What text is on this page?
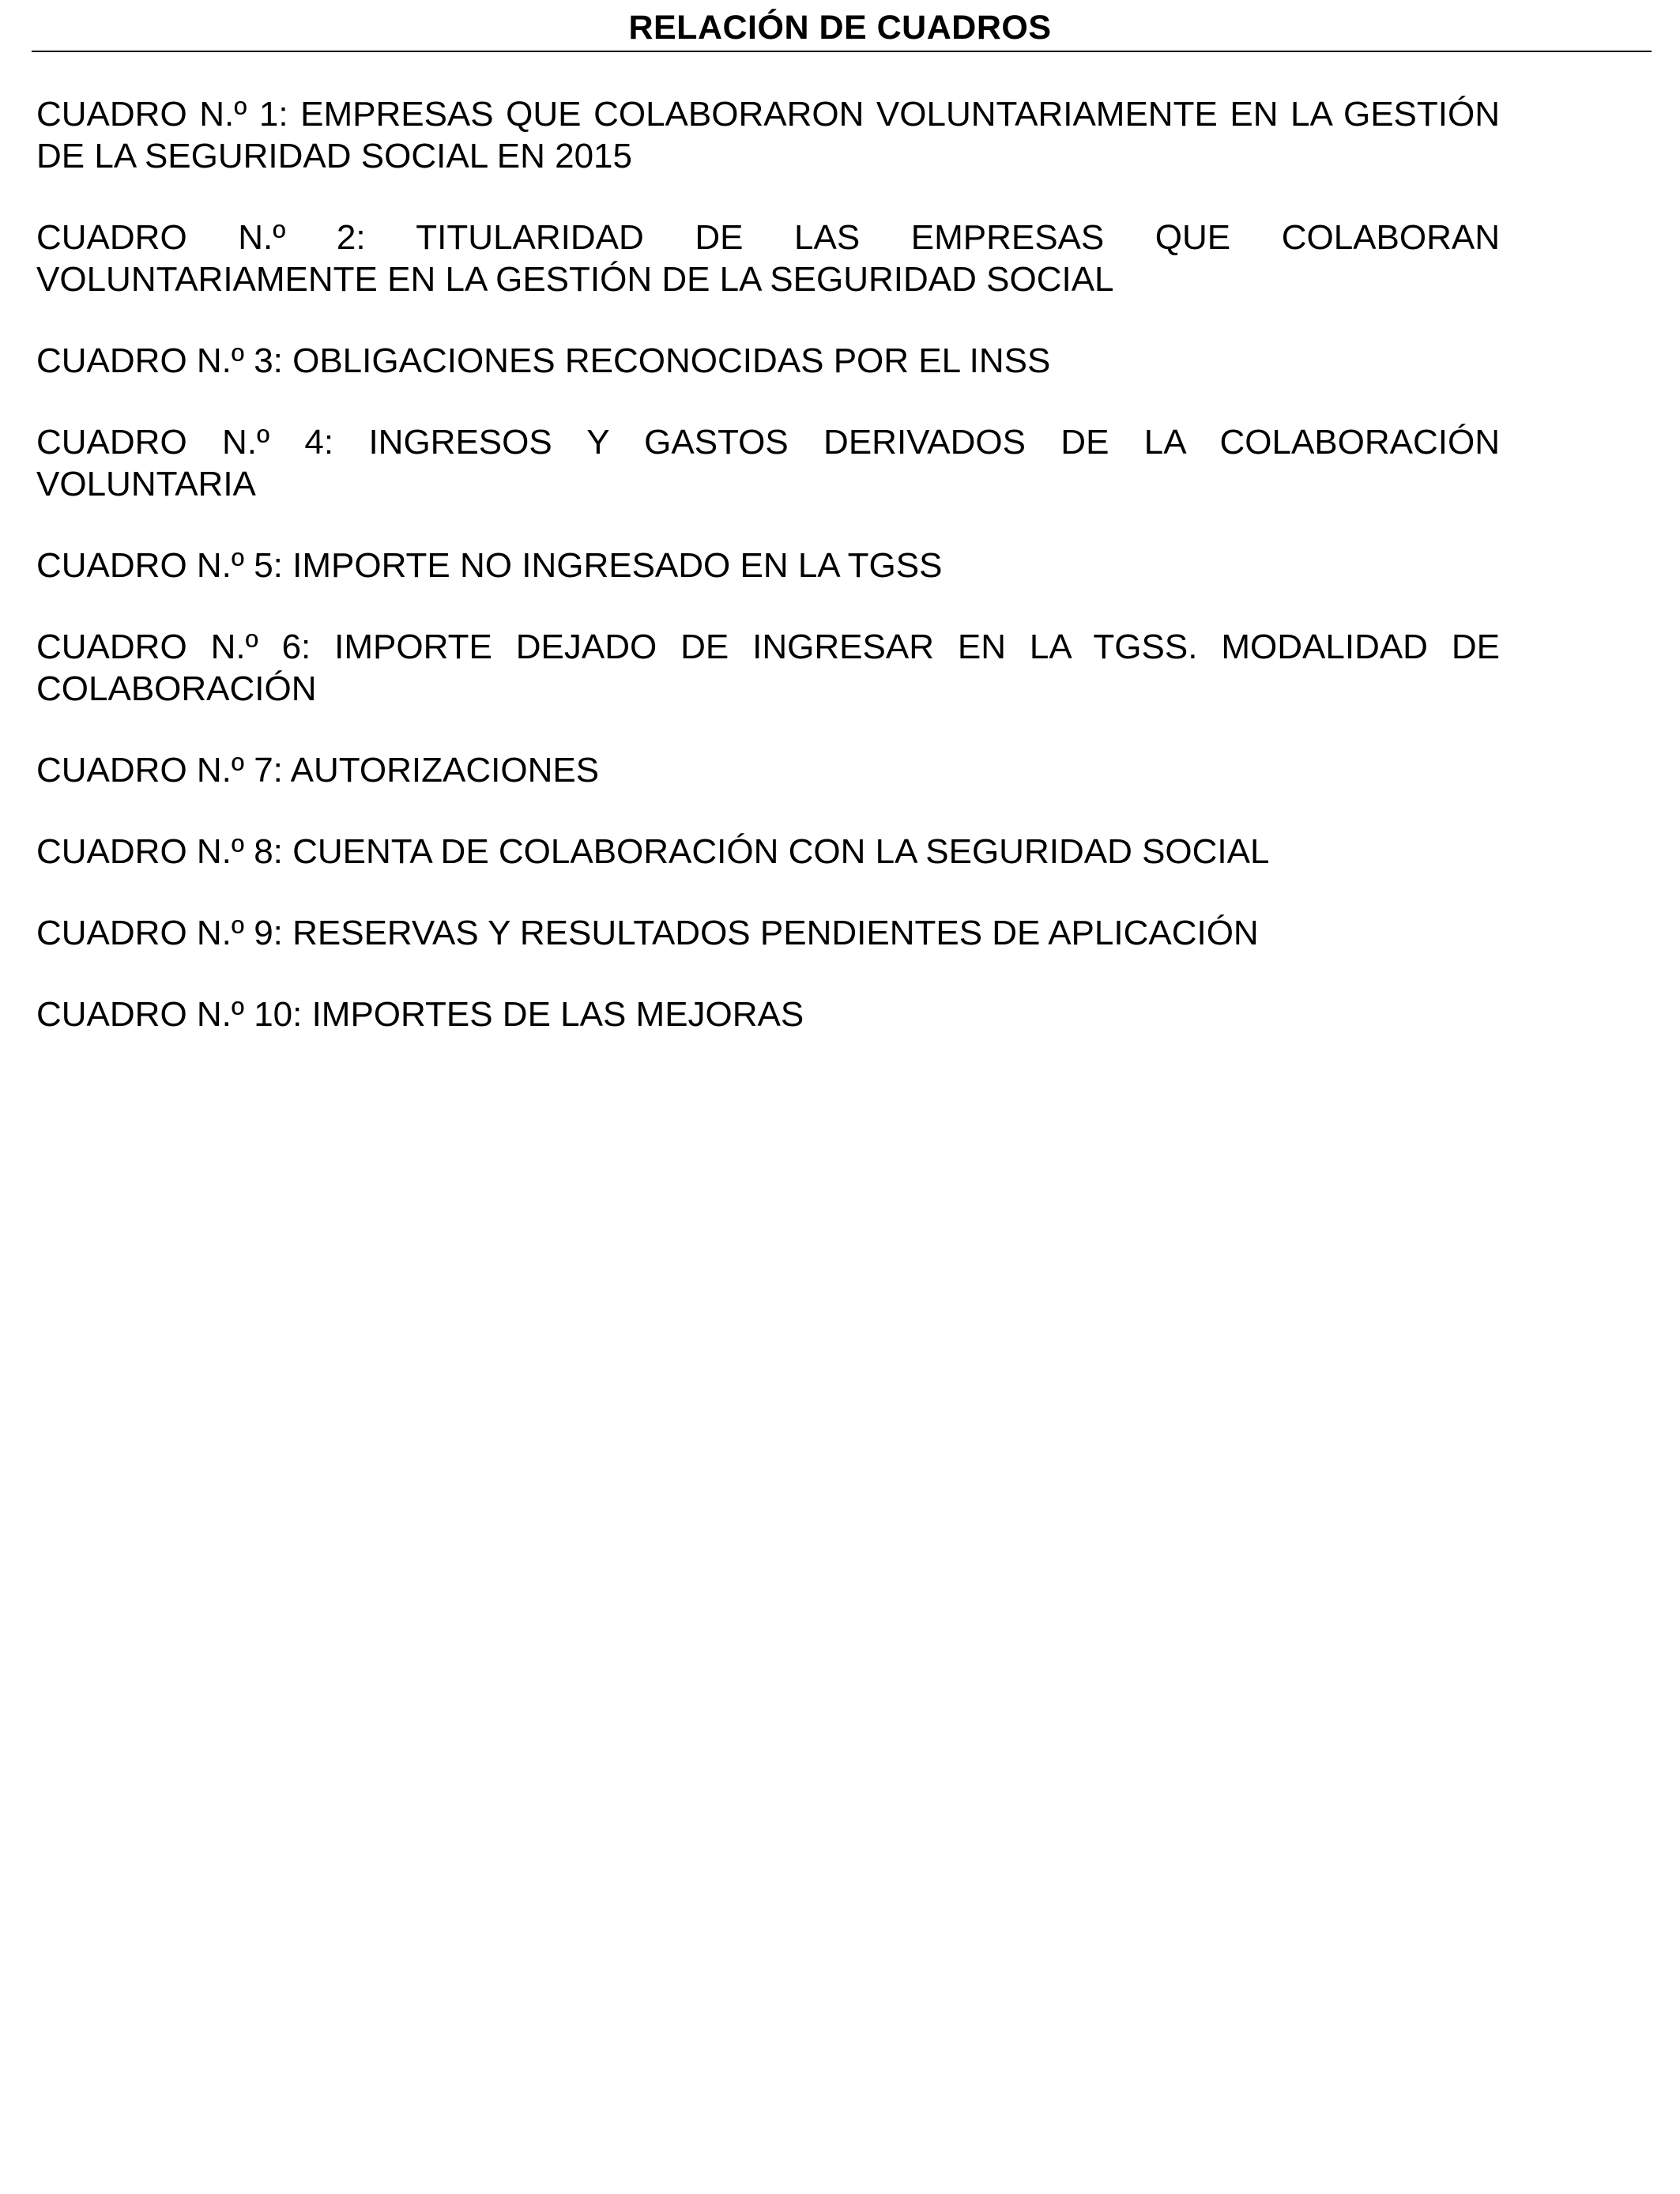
RELACIÓN DE CUADROS
CUADRO N.º 1: EMPRESAS QUE COLABORARON VOLUNTARIAMENTE EN LA GESTIÓN DE LA SEGURIDAD SOCIAL EN 2015
CUADRO N.º 2: TITULARIDAD DE LAS EMPRESAS QUE COLABORAN VOLUNTARIAMENTE EN LA GESTIÓN DE LA SEGURIDAD SOCIAL
CUADRO N.º 3: OBLIGACIONES RECONOCIDAS POR EL INSS
CUADRO N.º 4: INGRESOS Y GASTOS DERIVADOS DE LA COLABORACIÓN VOLUNTARIA
CUADRO N.º 5: IMPORTE NO INGRESADO EN LA TGSS
CUADRO N.º 6: IMPORTE DEJADO DE INGRESAR EN LA TGSS. MODALIDAD DE COLABORACIÓN
CUADRO N.º 7: AUTORIZACIONES
CUADRO N.º 8: CUENTA DE COLABORACIÓN CON LA SEGURIDAD SOCIAL
CUADRO N.º 9: RESERVAS Y RESULTADOS PENDIENTES DE APLICACIÓN
CUADRO N.º 10: IMPORTES DE LAS MEJORAS
